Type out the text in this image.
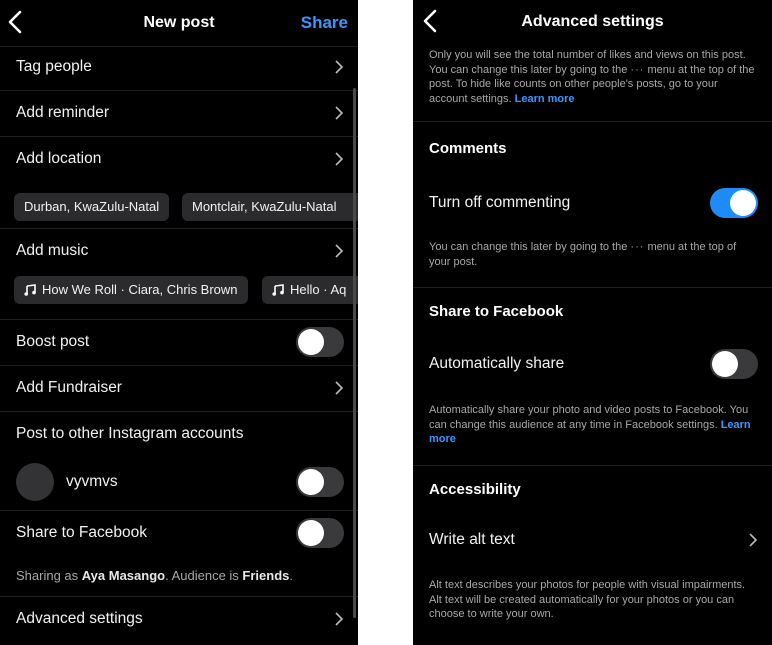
New post	Share
Tag people
Add reminder
Add location
Durban, KwaZulu-Natal	Montclair, KwaZulu-Natal
Add music
How We Roll · Ciara, Chris Brown	Hello · Aq
Boost post
Add Fundraiser
Post to other Instagram accounts
vyvmvs
Share to Facebook
Sharing as Aya Masango. Audience is Friends.
Advanced settings
Advanced settings
Only you will see the total number of likes and views on this post. You can change this later by going to the ··· menu at the top of the post. To hide like counts on other people's posts, go to your account settings. Learn more
Comments
Turn off commenting
You can change this later by going to the ··· menu at the top of your post.
Share to Facebook
Automatically share
Automatically share your photo and video posts to Facebook. You can change this audience at any time in Facebook settings. Learn more
Accessibility
Write alt text
Alt text describes your photos for people with visual impairments. Alt text will be created automatically for your photos or you can choose to write your own.
